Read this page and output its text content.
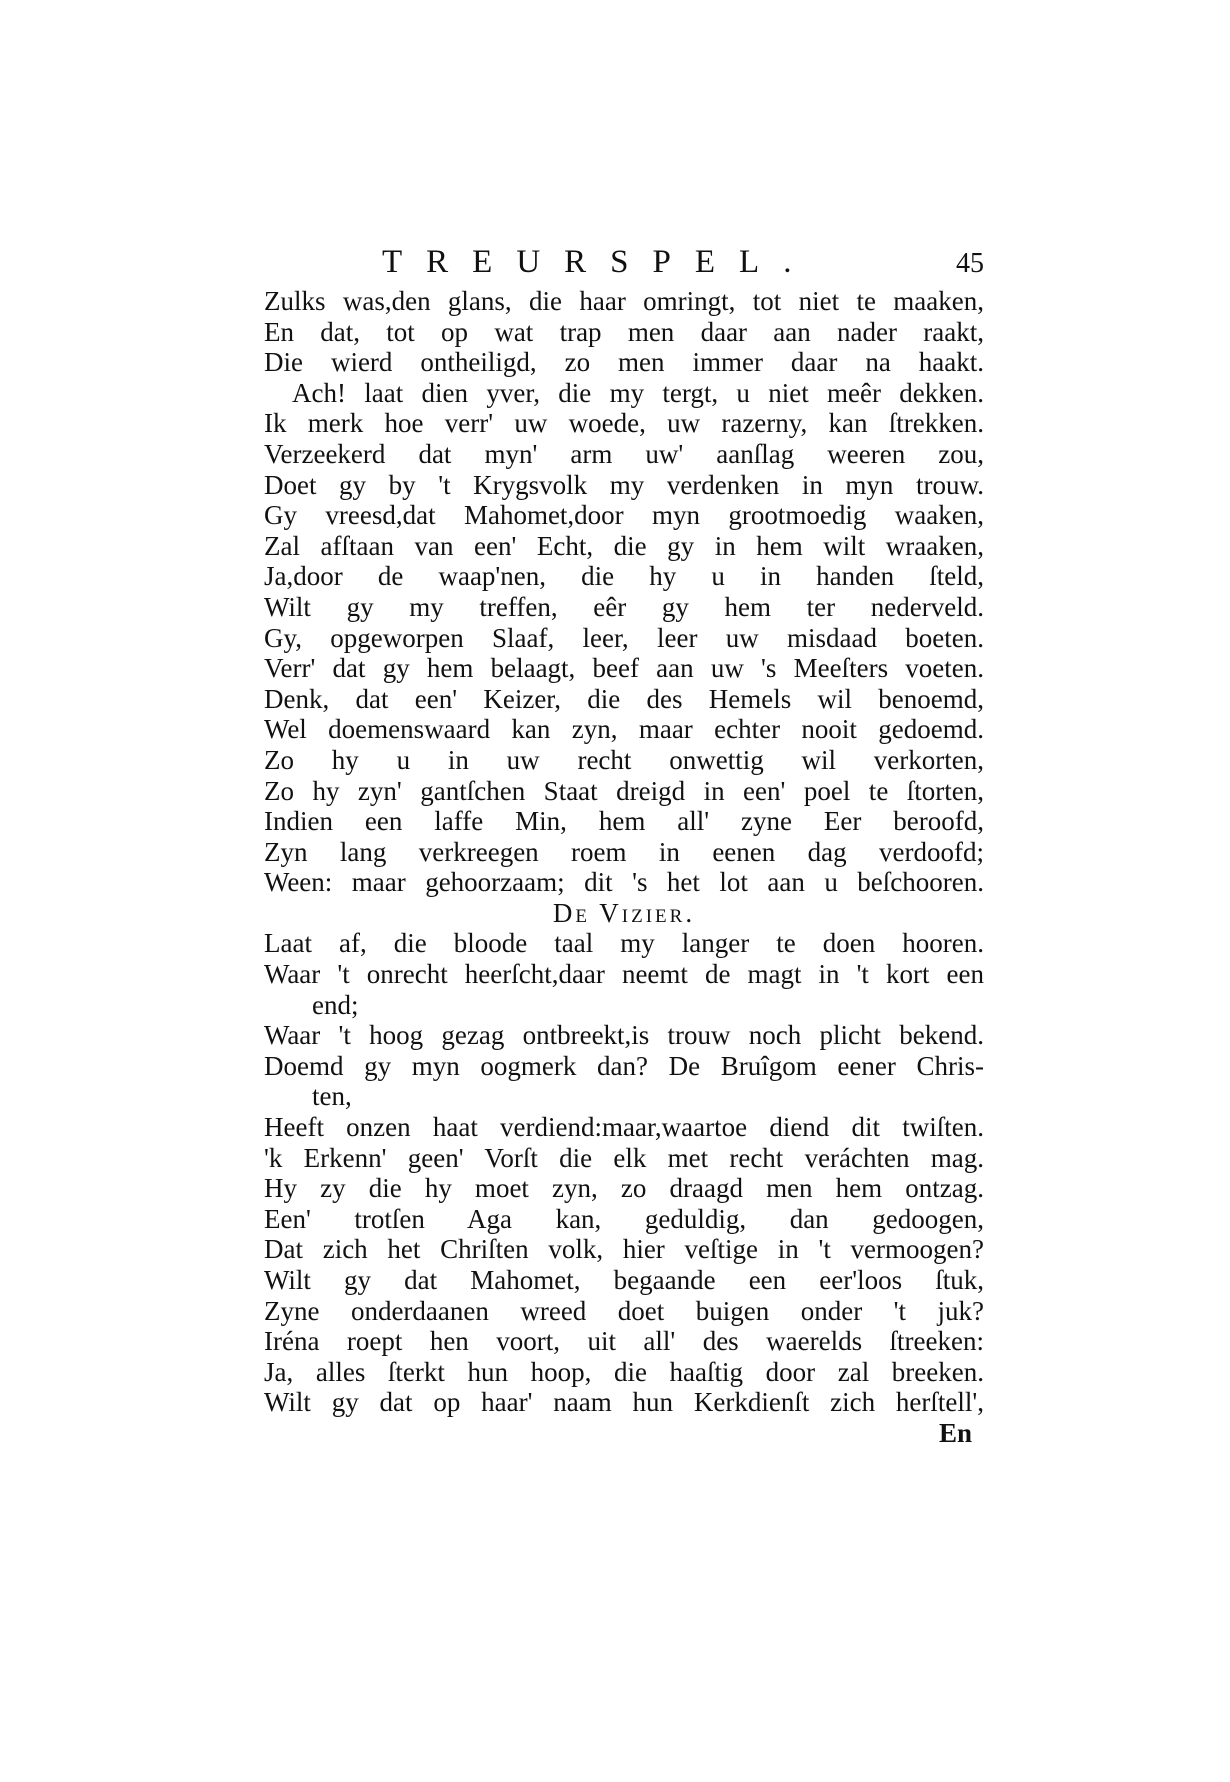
TREURSPEL.	45
Zulks was,den glans, die haar omringt, tot niet te maaken,
En dat, tot op wat trap men daar aan nader raakt,
Die wierd ontheiligd, zo men immer daar na haakt.
Ach! laat dien yver, die my tergt, u niet meêr dekken.
Ik merk hoe verr' uw woede, uw razerny, kan ſtrekken.
Verzeekerd dat myn' arm uw' aanſlag weeren zou,
Doet gy by 't Krygsvolk my verdenken in myn trouw.
Gy vreesd,dat Mahomet,door myn grootmoedig waaken,
Zal afſtaan van een' Echt, die gy in hem wilt wraaken,
Ja,door de waap'nen, die hy u in handen ſteld,
Wilt gy my treffen, eêr gy hem ter nederveld.
Gy, opgeworpen Slaaf, leer, leer uw misdaad boeten.
Verr' dat gy hem belaagt, beef aan uw 's Meeſters voeten.
Denk, dat een' Keizer, die des Hemels wil benoemd,
Wel doemenswaard kan zyn, maar echter nooit gedoemd.
Zo hy u in uw recht onwettig wil verkorten,
Zo hy zyn' gantſchen Staat dreigd in een' poel te ſtorten,
Indien een laffe Min, hem all' zyne Eer beroofd,
Zyn lang verkreegen roem in eenen dag verdoofd;
Ween: maar gehoorzaam; dit 's het lot aan u beſchooren.
De Vizier.
Laat af, die bloode taal my langer te doen hooren.
Waar 't onrecht heerſcht,daar neemt de magt in 't kort een
end;
Waar 't hoog gezag ontbreekt,is trouw noch plicht bekend.
Doemd gy myn oogmerk dan? De Bruîgom eener Chris-
ten,
Heeft onzen haat verdiend:maar,waartoe diend dit twiſten.
'k Erkenn' geen' Vorſt die elk met recht veráchten mag.
Hy zy die hy moet zyn, zo draagd men hem ontzag.
Een' trotſen Aga kan, geduldig, dan gedoogen,
Dat zich het Chriſten volk, hier veſtige in 't vermoogen?
Wilt gy dat Mahomet, begaande een eer'loos ſtuk,
Zyne onderdaanen wreed doet buigen onder 't juk?
Iréna roept hen voort, uit all' des waerelds ſtreeken:
Ja, alles ſterkt hun hoop, die haaſtig door zal breeken.
Wilt gy dat op haar' naam hun Kerkdienſt zich herſtell',
En
